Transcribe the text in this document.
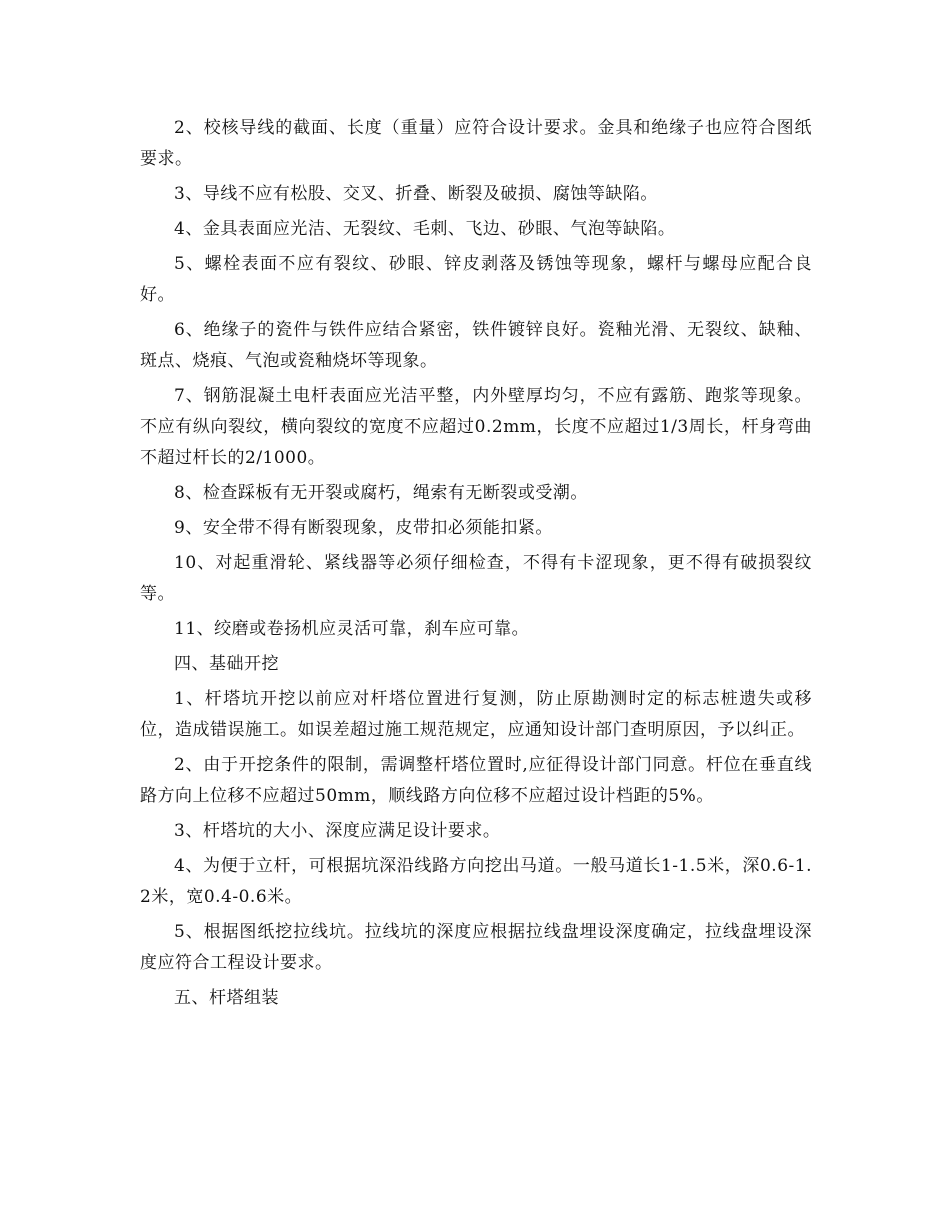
2、校核导线的截面、长度（重量）应符合设计要求。金具和绝缘子也应符合图纸要求。

3、导线不应有松股、交叉、折叠、断裂及破损、腐蚀等缺陷。

4、金具表面应光洁、无裂纹、毛刺、飞边、砂眼、气泡等缺陷。

5、螺栓表面不应有裂纹、砂眼、锌皮剥落及锈蚀等现象，螺杆与螺母应配合良好。

6、绝缘子的瓷件与铁件应结合紧密，铁件镀锌良好。瓷釉光滑、无裂纹、缺釉、斑点、烧痕、气泡或瓷釉烧坏等现象。

7、钢筋混凝土电杆表面应光洁平整，内外壁厚均匀，不应有露筋、跑浆等现象。不应有纵向裂纹，横向裂纹的宽度不应超过0.2mm，长度不应超过1/3周长，杆身弯曲不超过杆长的2/1000。

8、检查踩板有无开裂或腐朽，绳索有无断裂或受潮。

9、安全带不得有断裂现象，皮带扣必须能扣紧。

10、对起重滑轮、紧线器等必须仔细检查，不得有卡涩现象，更不得有破损裂纹等。

11、绞磨或卷扬机应灵活可靠，刹车应可靠。

四、基础开挖

1、杆塔坑开挖以前应对杆塔位置进行复测，防止原勘测时定的标志桩遗失或移位，造成错误施工。如误差超过施工规范规定，应通知设计部门查明原因，予以纠正。

2、由于开挖条件的限制，需调整杆塔位置时,应征得设计部门同意。杆位在垂直线路方向上位移不应超过50mm，顺线路方向位移不应超过设计档距的5%。

3、杆塔坑的大小、深度应满足设计要求。

4、为便于立杆，可根据坑深沿线路方向挖出马道。一般马道长1-1.5米，深0.6-1.2米，宽0.4-0.6米。

5、根据图纸挖拉线坑。拉线坑的深度应根据拉线盘埋设深度确定，拉线盘埋设深度应符合工程设计要求。

五、杆塔组装
